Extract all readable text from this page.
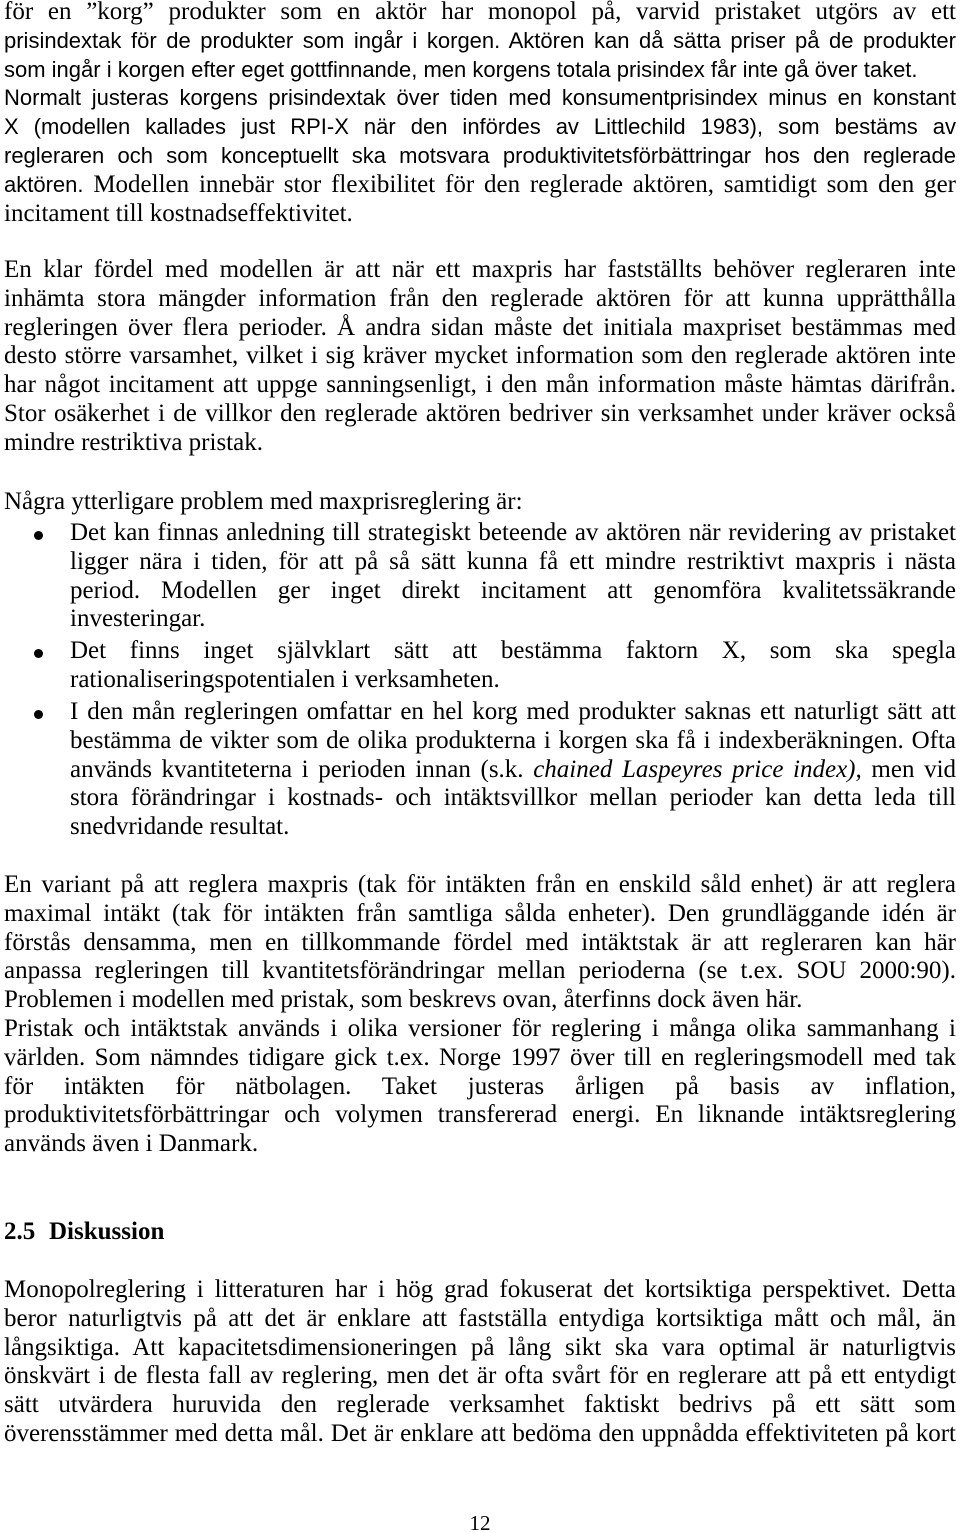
för en ”korg” produkter som en aktör har monopol på, varvid pristaket utgörs av ett
prisindextak för de produkter som ingår i korgen. Aktören kan då sätta priser på de produkter
som ingår i korgen efter eget gottfinnande, men korgens totala prisindex får inte gå över taket.
Normalt justeras korgens prisindextak över tiden med konsumentprisindex minus en konstant
X (modellen kallades just RPI-X när den infördes av Littlechild 1983), som bestäms av
regleraren och som konceptuellt ska motsvara produktivitetsförbättringar hos den reglerade
aktören. Modellen innebär stor flexibilitet för den reglerade aktören, samtidigt som den ger
incitament till kostnadseffektivitet.
En klar fördel med modellen är att när ett maxpris har fastställts behöver regleraren inte
inhämta stora mängder information från den reglerade aktören för att kunna upprätthålla
regleringen över flera perioder. Å andra sidan måste det initiala maxpriset bestämmas med
desto större varsamhet, vilket i sig kräver mycket information som den reglerade aktören inte
har något incitament att uppge sanningsenligt, i den mån information måste hämtas därifrån.
Stor osäkerhet i de villkor den reglerade aktören bedriver sin verksamhet under kräver också
mindre restriktiva pristak.
Några ytterligare problem med maxprisreglering är:
Det kan finnas anledning till strategiskt beteende av aktören när revidering av pristaket
ligger nära i tiden, för att på så sätt kunna få ett mindre restriktivt maxpris i nästa
period. Modellen ger inget direkt incitament att genomföra kvalitetssäkrande
investeringar.
Det finns inget självklart sätt att bestämma faktorn X, som ska spegla
rationaliseringspotentialen i verksamheten.
I den mån regleringen omfattar en hel korg med produkter saknas ett naturligt sätt att
bestämma de vikter som de olika produkterna i korgen ska få i indexberäkningen. Ofta
används kvantiteterna i perioden innan (s.k. chained Laspeyres price index), men vid
stora förändringar i kostnads- och intäktsvillkor mellan perioder kan detta leda till
snedvridande resultat.
En variant på att reglera maxpris (tak för intäkten från en enskild såld enhet) är att reglera
maximal intäkt (tak för intäkten från samtliga sålda enheter). Den grundläggande idén är
förstås densamma, men en tillkommande fördel med intäktstak är att regleraren kan här
anpassa regleringen till kvantitetsförändringar mellan perioderna (se t.ex. SOU 2000:90).
Problemen i modellen med pristak, som beskrevs ovan, återfinns dock även här.
Pristak och intäktstak används i olika versioner för reglering i många olika sammanhang i
världen. Som nämndes tidigare gick t.ex. Norge 1997 över till en regleringsmodell med tak
för intäkten för nätbolagen. Taket justeras årligen på basis av inflation,
produktivitetsförbättringar och volymen transfererad energi. En liknande intäktsreglering
används även i Danmark.
2.5 Diskussion
Monopolreglering i litteraturen har i hög grad fokuserat det kortsiktiga perspektivet. Detta
beror naturligtvis på att det är enklare att fastställa entydiga kortsiktiga mått och mål, än
långsiktiga. Att kapacitetsdimensioneringen på lång sikt ska vara optimal är naturligtvis
önskvärt i de flesta fall av reglering, men det är ofta svårt för en reglerare att på ett entydigt
sätt utvärdera huruvida den reglerade verksamhet faktiskt bedrivs på ett sätt som
överensstämmer med detta mål. Det är enklare att bedöma den uppnådda effektiviteten på kort
12
